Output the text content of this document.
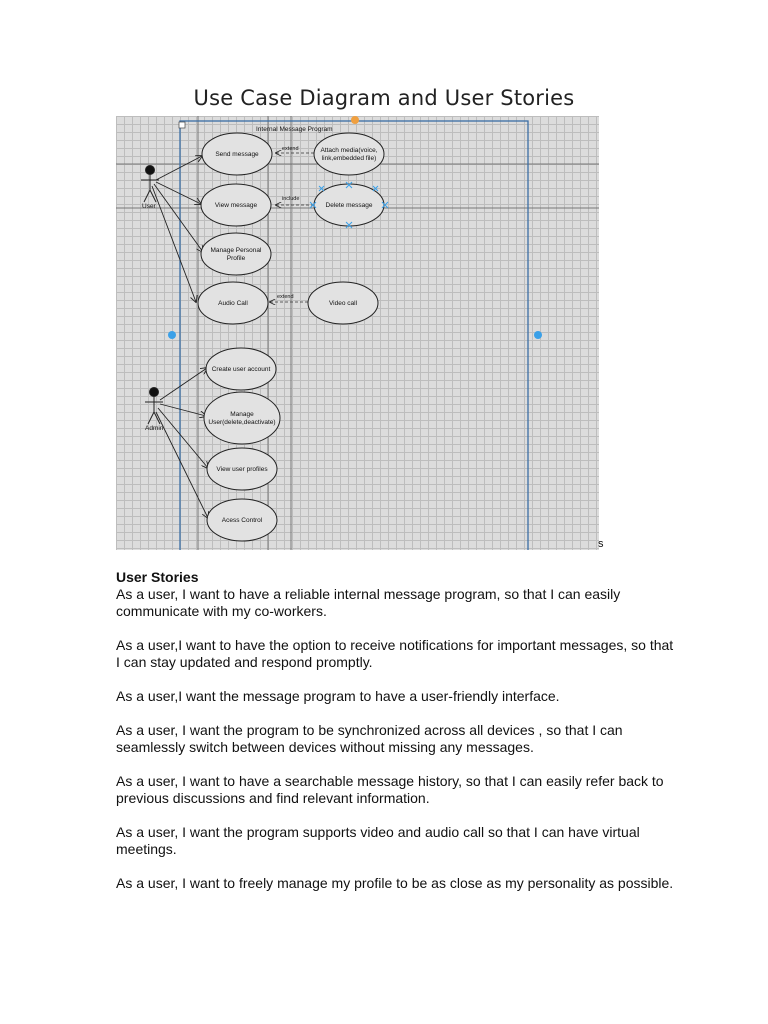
Use Case Diagram and User Stories
Internal Message Program
User
Admin
extend
include
extend
Send message
Attach media(voice,
link,embedded file)
View message	Delete message
Manage Personal
Profile
Audio Call	Video call
Create user account
Manage
User(delete,deactivate)
View user profiles
Acess Control
s

User Stories

As a user, I want to have a reliable internal message program, so that I can easily communicate with my co-workers.

As a user,I want to have the option to receive notifications for important messages, so that I can stay updated and respond promptly.

As a user,I want the message program to have a user-friendly interface.

As a user, I want the program to be synchronized across all devices , so that I can seamlessly switch between devices without missing any messages.

As a user, I want to have a searchable message history, so that I can easily refer back to previous discussions and find relevant information.

As a user, I want the program supports video and audio call so that I can have virtual meetings.

As a user, I want to freely manage my profile to be as close as my personality as possible.
